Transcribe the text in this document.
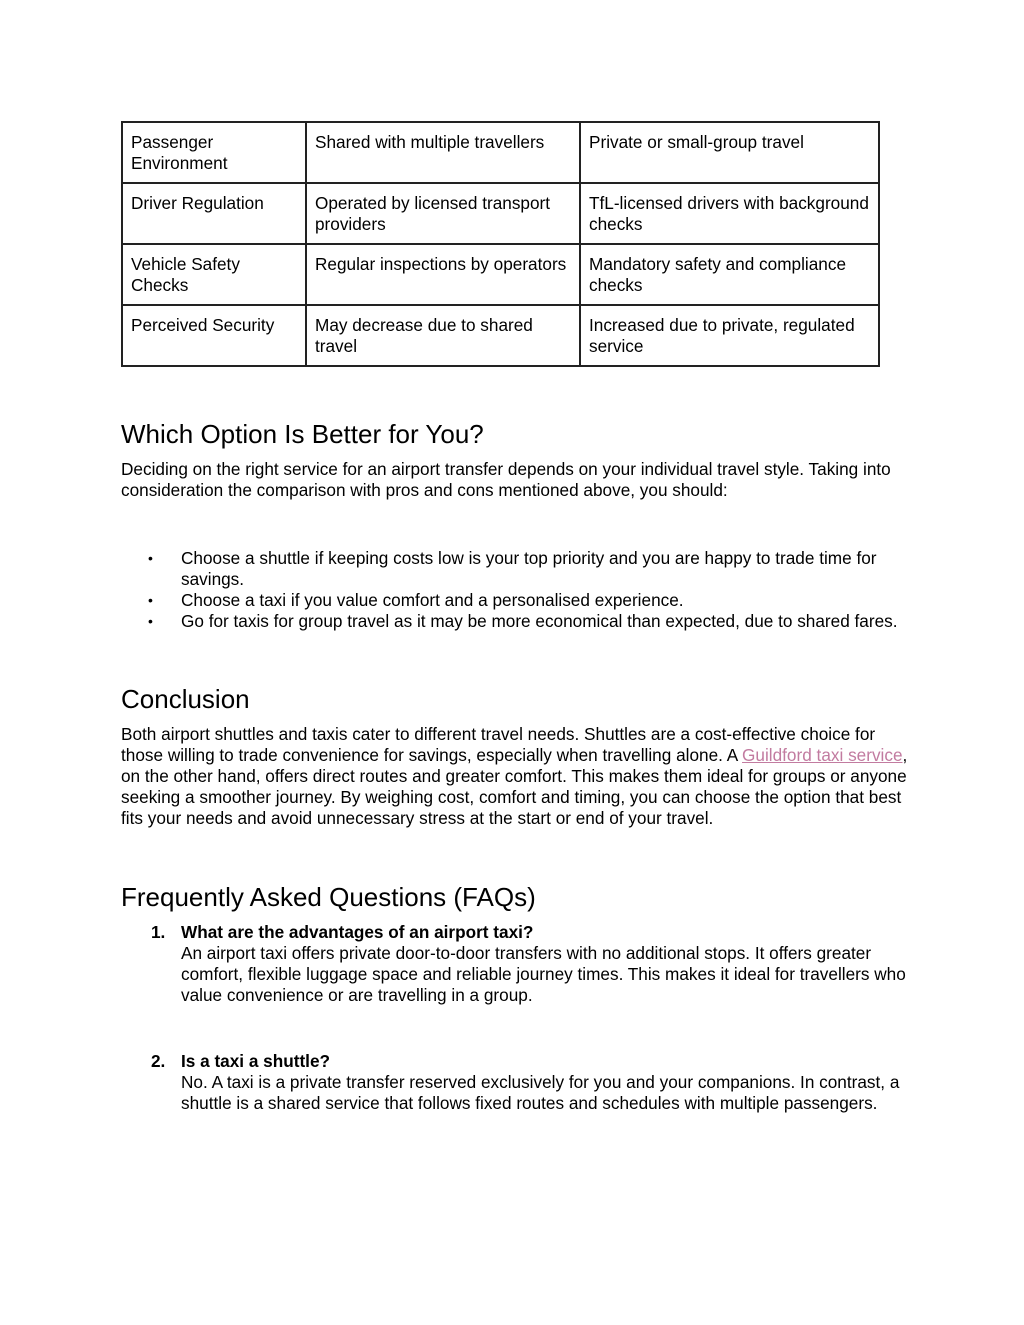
Passenger Environment	Shared with multiple travellers	Private or small-group travel
Driver Regulation	Operated by licensed transport providers	TfL-licensed drivers with background checks
Vehicle Safety Checks	Regular inspections by operators	Mandatory safety and compliance checks
Perceived Security	May decrease due to shared travel	Increased due to private, regulated service
Which Option Is Better for You?

Deciding on the right service for an airport transfer depends on your individual travel style. Taking into consideration the comparison with pros and cons mentioned above, you should:

• Choose a shuttle if keeping costs low is your top priority and you are happy to trade time for savings.
• Choose a taxi if you value comfort and a personalised experience.
• Go for taxis for group travel as it may be more economical than expected, due to shared fares.
Conclusion

Both airport shuttles and taxis cater to different travel needs. Shuttles are a cost-effective choice for those willing to trade convenience for savings, especially when travelling alone. A Guildford taxi service, on the other hand, offers direct routes and greater comfort. This makes them ideal for groups or anyone seeking a smoother journey. By weighing cost, comfort and timing, you can choose the option that best fits your needs and avoid unnecessary stress at the start or end of your travel.

Frequently Asked Questions (FAQs)
1. What are the advantages of an airport taxi?
An airport taxi offers private door-to-door transfers with no additional stops. It offers greater comfort, flexible luggage space and reliable journey times. This makes it ideal for travellers who value convenience or are travelling in a group.
2. Is a taxi a shuttle?
No. A taxi is a private transfer reserved exclusively for you and your companions. In contrast, a shuttle is a shared service that follows fixed routes and schedules with multiple passengers.
